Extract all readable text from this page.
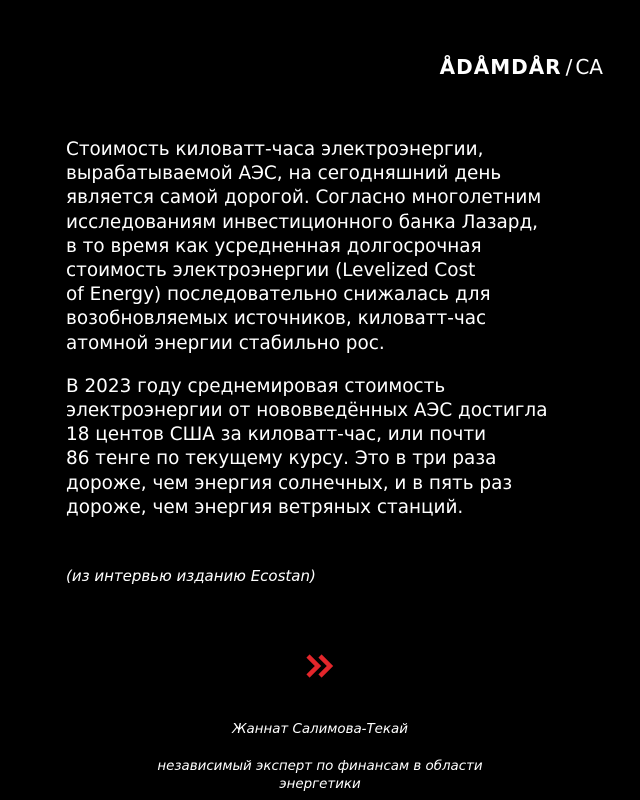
ÅDÅMDÅR / CA

Стоимость киловатт-часа электроэнергии,
вырабатываемой АЭС, на сегодняшний день
является самой дорогой. Согласно многолетним
исследованиям инвестиционного банка Лазард,
в то время как усредненная долгосрочная
стоимость электроэнергии (Levelized Cost
of Energy) последовательно снижалась для
возобновляемых источников, киловатт-час
атомной энергии стабильно рос.

В 2023 году среднемировая стоимость
электроэнергии от нововведённых АЭС достигла
18 центов США за киловатт-час, или почти
86 тенге по текущему курсу. Это в три раза
дороже, чем энергия солнечных, и в пять раз
дороже, чем энергия ветряных станций.

(из интервью изданию Ecostan)

Жаннат Салимова-Текай

независимый эксперт по финансам в области
энергетики
